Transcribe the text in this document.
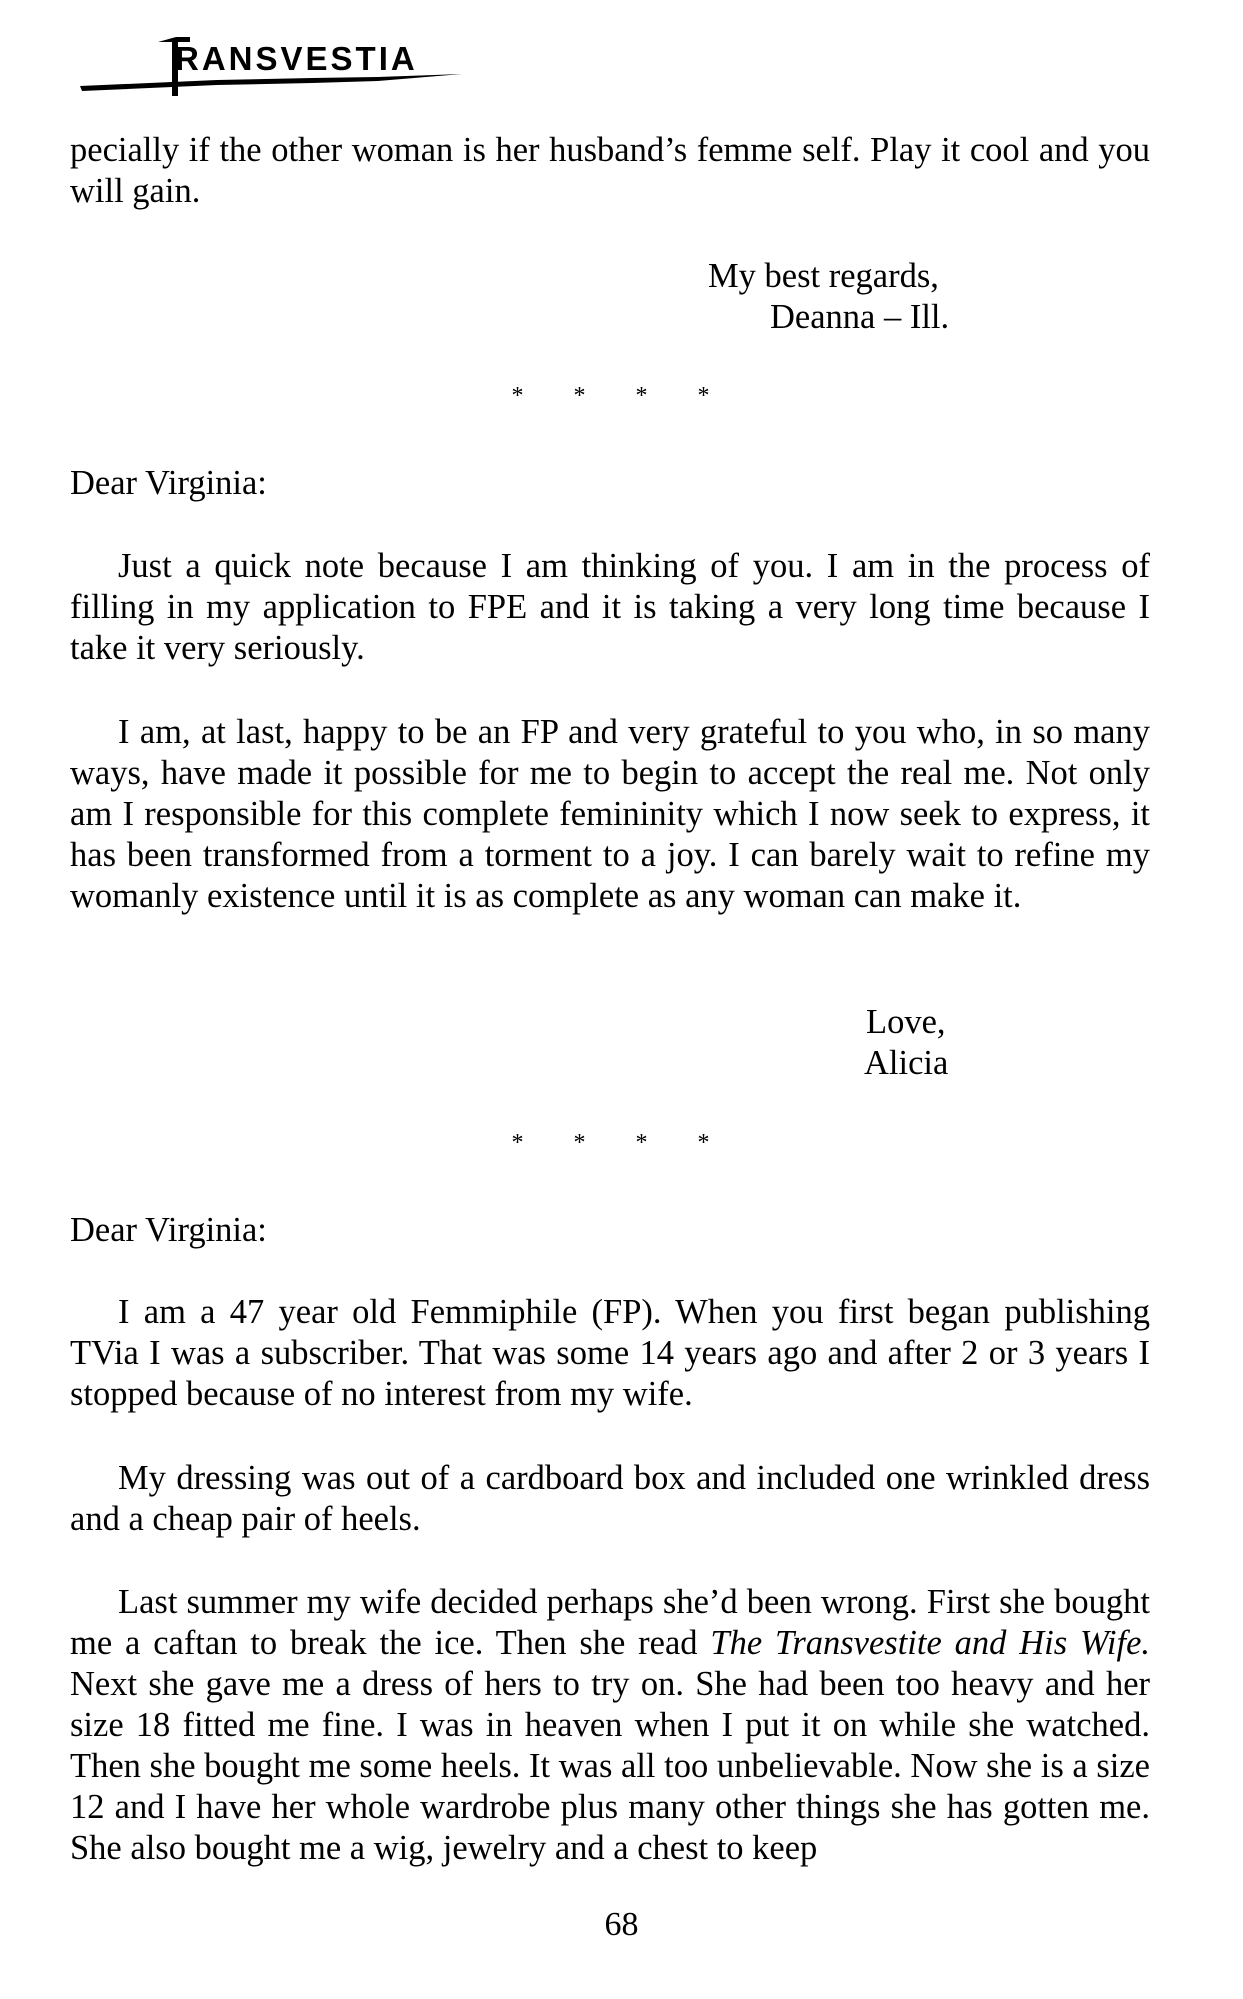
RANSVESTIA

pecially if the other woman is her husband’s femme self. Play it cool and you will gain.

My best regards,
Deanna – Ill.
* * * *
Dear Virginia:
Just a quick note because I am thinking of you. I am in the process of filling in my application to FPE and it is taking a very long time because I take it very seriously.
I am, at last, happy to be an FP and very grateful to you who, in so many ways, have made it possible for me to begin to accept the real me. Not only am I responsible for this complete femininity which I now seek to express, it has been transformed from a torment to a joy. I can barely wait to refine my womanly existence until it is as complete as any woman can make it.
Love,
Alicia
* * * *
Dear Virginia:
I am a 47 year old Femmiphile (FP). When you first began publishing TVia I was a subscriber. That was some 14 years ago and after 2 or 3 years I stopped because of no interest from my wife.
My dressing was out of a cardboard box and included one wrinkled dress and a cheap pair of heels.
Last summer my wife decided perhaps she’d been wrong. First she bought me a caftan to break the ice. Then she read The Transvestite and His Wife. Next she gave me a dress of hers to try on. She had been too heavy and her size 18 fitted me fine. I was in heaven when I put it on while she watched. Then she bought me some heels. It was all too unbelievable. Now she is a size 12 and I have her whole wardrobe plus many other things she has gotten me. She also bought me a wig, jewelry and a chest to keep
68
